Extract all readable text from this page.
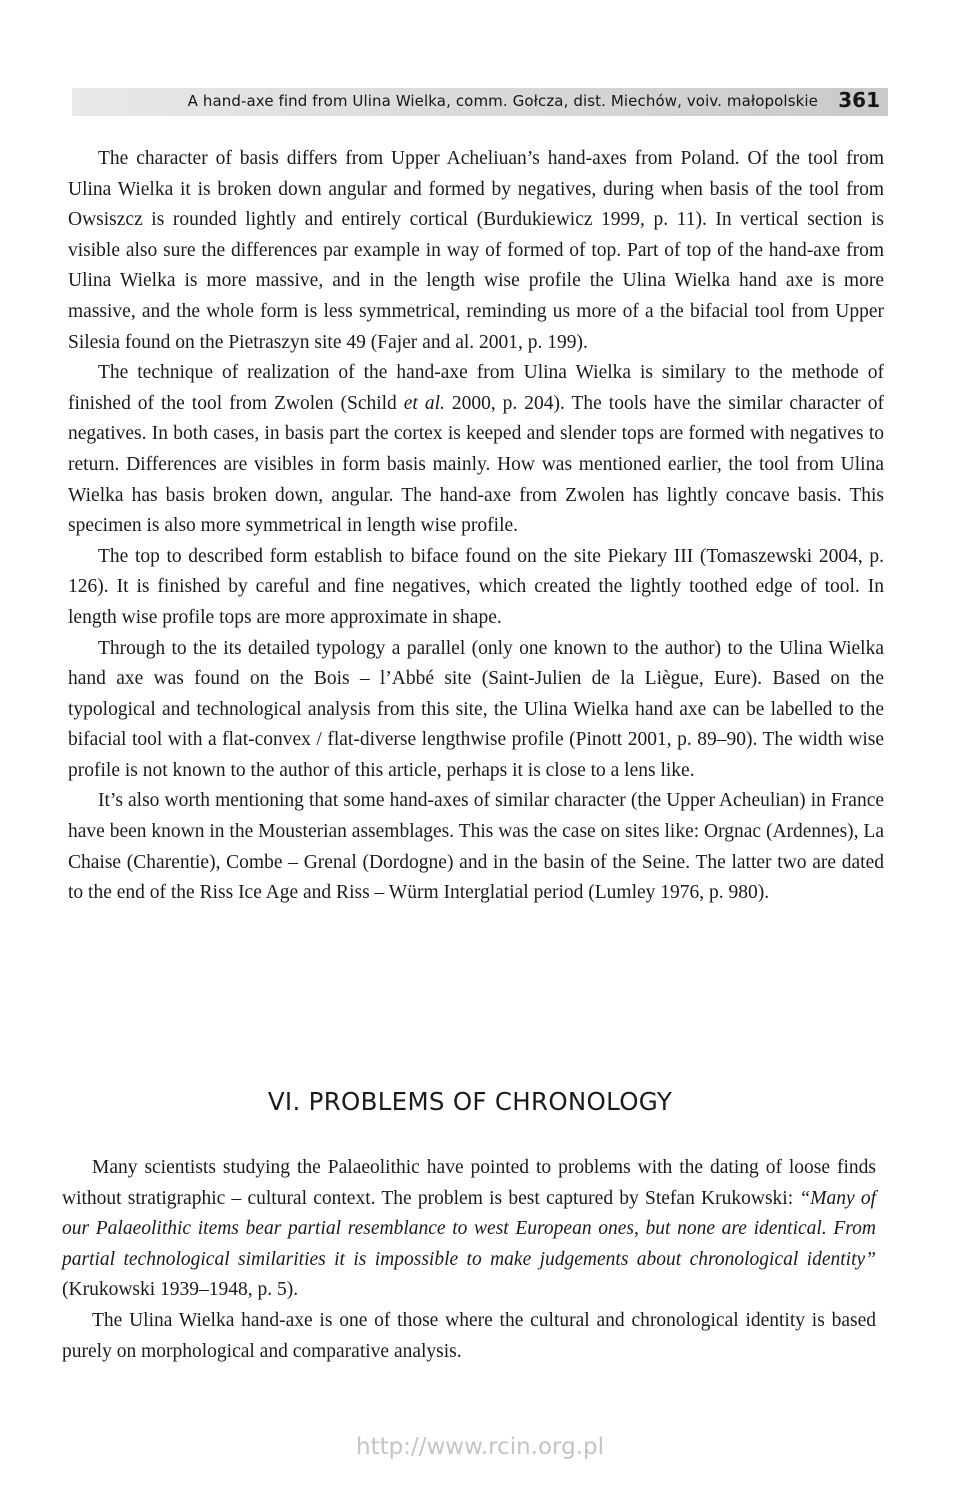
A hand-axe find from Ulina Wielka, comm. Gołcza, dist. Miechów, voiv. małopolskie 361

The character of basis differs from Upper Acheliuan’s hand-axes from Poland. Of the tool from Ulina Wielka it is broken down angular and formed by negatives, during when basis of the tool from Owsiszcz is rounded lightly and entirely cortical (Burdukiewicz 1999, p. 11). In vertical section is visible also sure the differences par example in way of formed of top. Part of top of the hand-axe from Ulina Wielka is more massive, and in the length wise profile the Ulina Wielka hand axe is more massive, and the whole form is less symmetrical, reminding us more of a the bifacial tool from Upper Silesia found on the Pietraszyn site 49 (Fajer and al. 2001, p. 199).

The technique of realization of the hand-axe from Ulina Wielka is similary to the methode of finished of the tool from Zwolen (Schild et al. 2000, p. 204). The tools have the similar character of negatives. In both cases, in basis part the cortex is keeped and slender tops are formed with negatives to return. Differences are visibles in form basis mainly. How was mentioned earlier, the tool from Ulina Wielka has basis broken down, angular. The hand-axe from Zwolen has lightly concave basis. This specimen is also more symmetrical in length wise profile.

The top to described form establish to biface found on the site Piekary III (Tomaszewski 2004, p. 126). It is finished by careful and fine negatives, which created the lightly toothed edge of tool. In length wise profile tops are more approximate in shape.

Through to the its detailed typology a parallel (only one known to the author) to the Ulina Wielka hand axe was found on the Bois – l’Abbé site (Saint-Julien de la Liègue, Eure). Based on the typological and technological analysis from this site, the Ulina Wielka hand axe can be labelled to the bifacial tool with a flat-convex / flat-diverse lengthwise profile (Pinott 2001, p. 89–90). The width wise profile is not known to the author of this article, perhaps it is close to a lens like.

It’s also worth mentioning that some hand-axes of similar character (the Upper Acheulian) in France have been known in the Mousterian assemblages. This was the case on sites like: Orgnac (Ardennes), La Chaise (Charentie), Combe – Grenal (Dordogne) and in the basin of the Seine. The latter two are dated to the end of the Riss Ice Age and Riss – Würm Interglatial period (Lumley 1976, p. 980).

VI. PROBLEMS OF CHRONOLOGY

Many scientists studying the Palaeolithic have pointed to problems with the dating of loose finds without stratigraphic – cultural context. The problem is best captured by Stefan Krukowski: “Many of our Palaeolithic items bear partial resemblance to west European ones, but none are identical. From partial technological similarities it is impossible to make judgements about chronological identity” (Krukowski 1939–1948, p. 5).

The Ulina Wielka hand-axe is one of those where the cultural and chronological identity is based purely on morphological and comparative analysis.

http://www.rcin.org.pl
